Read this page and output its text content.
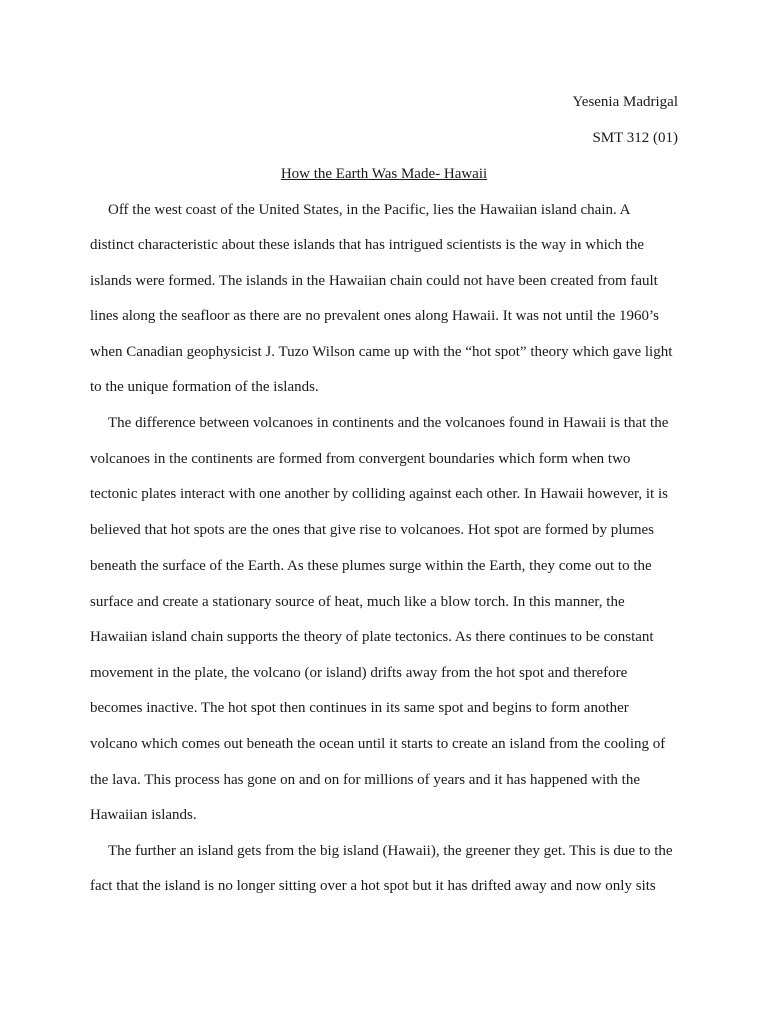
Yesenia Madrigal
SMT 312 (01)
How the Earth Was Made- Hawaii
Off the west coast of the United States, in the Pacific, lies the Hawaiian island chain. A
distinct characteristic about these islands that has intrigued scientists is the way in which the
islands were formed. The islands in the Hawaiian chain could not have been created from fault
lines along the seafloor as there are no prevalent ones along Hawaii. It was not until the 1960’s
when Canadian geophysicist J. Tuzo Wilson came up with the “hot spot” theory which gave light
to the unique formation of the islands.
The difference between volcanoes in continents and the volcanoes found in Hawaii is that the
volcanoes in the continents are formed from convergent boundaries which form when two
tectonic plates interact with one another by colliding against each other. In Hawaii however, it is
believed that hot spots are the ones that give rise to volcanoes. Hot spot are formed by plumes
beneath the surface of the Earth. As these plumes surge within the Earth, they come out to the
surface and create a stationary source of heat, much like a blow torch. In this manner, the
Hawaiian island chain supports the theory of plate tectonics. As there continues to be constant
movement in the plate, the volcano (or island) drifts away from the hot spot and therefore
becomes inactive. The hot spot then continues in its same spot and begins to form another
volcano which comes out beneath the ocean until it starts to create an island from the cooling of
the lava. This process has gone on and on for millions of years and it has happened with the
Hawaiian islands.
The further an island gets from the big island (Hawaii), the greener they get. This is due to the
fact that the island is no longer sitting over a hot spot but it has drifted away and now only sits
